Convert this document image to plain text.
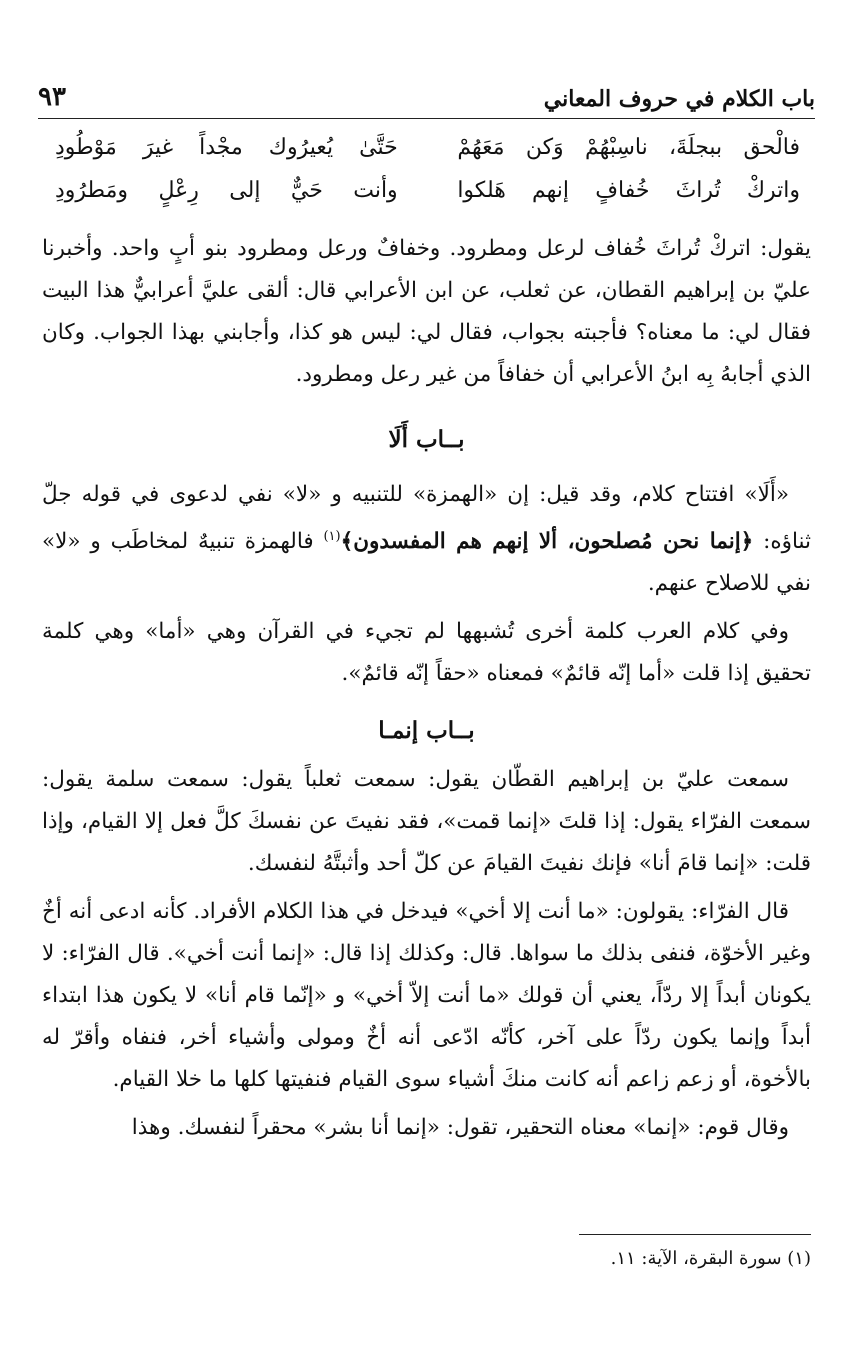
باب الكلام في حروف المعاني
٩٣
فالْحق ببجلَةَ، ناسِبْهُمْ وَكن مَعَهُمْ
حَتَّىٰ يُعيرُوك مجْداً غيرَ مَوْطُودِ
واتركْ تُراثَ خُفافٍ إنهم هَلكوا
وأنت حَيٌّ إلى رِعْلٍ ومَطرُودِ

يقول: اتركْ تُراثَ خُفاف لرعل ومطرود. وخفافٌ ورعل ومطرود بنو أبٍ واحد. وأخبرنا عليّ بن إبراهيم القطان، عن ثعلب، عن ابن الأعرابي قال: ألقى عليَّ أعرابيٌّ هذا البيت فقال لي: ما معناه؟ فأجبته بجواب، فقال لي: ليس هو كذا، وأجابني بهذا الجواب. وكان الذي أجابهُ بِه ابنُ الأعرابي أن خفافاً من غير رعل ومطرود.

بــاب أَلَا

«أَلَا» افتتاح كلام، وقد قيل: إن «الهمزة» للتنبيه و «لا» نفي لدعوى في قوله جلّ ثناؤه: ﴿إنما نحن مُصلحون، ألا إنهم هم المفسدون﴾$^{(١)}$ فالهمزة تنبيهٌ لمخاطَب و «لا» نفي للاصلاح عنهم.

وفي كلام العرب كلمة أخرى تُشبهها لم تجيء في القرآن وهي «أما» وهي كلمة تحقيق إذا قلت «أما إنّه قائمٌ» فمعناه «حقاً إنّه قائمٌ».

بــاب إنمـا

سمعت عليّ بن إبراهيم القطّان يقول: سمعت ثعلباً يقول: سمعت سلمة يقول: سمعت الفرّاء يقول: إذا قلتَ «إنما قمت»، فقد نفيتَ عن نفسكَ كلَّ فعل إلا القيام، وإذا قلت: «إنما قامَ أنا» فإنك نفيتَ القيامَ عن كلّ أحد وأثبتَّهُ لنفسك.

قال الفرّاء: يقولون: «ما أنت إلا أخي» فيدخل في هذا الكلام الأفراد. كأنه ادعى أنه أخٌ وغير الأخوّة، فنفى بذلك ما سواها. قال: وكذلك إذا قال: «إنما أنت أخي». قال الفرّاء: لا يكونان أبداً إلا ردّاً، يعني أن قولك «ما أنت إلاّ أخي» و «إنّما قام أنا» لا يكون هذا ابتداء أبداً وإنما يكون ردّاً على آخر، كأنّه ادّعى أنه أخٌ ومولى وأشياء أخر، فنفاه وأقرّ له بالأخوة، أو زعم زاعم أنه كانت منكَ أشياء سوى القيام فنفيتها كلها ما خلا القيام.

وقال قوم: «إنما» معناه التحقير، تقول: «إنما أنا بشر» محقراً لنفسك. وهذا

(١) سورة البقرة، الآية: ١١.
